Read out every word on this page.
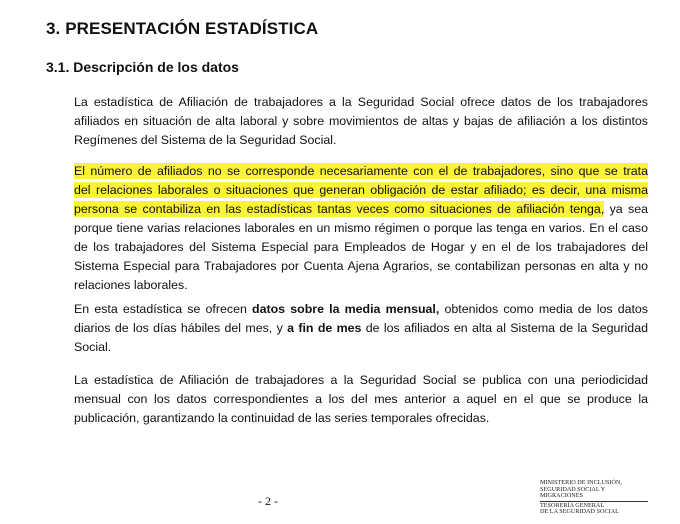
3. PRESENTACIÓN ESTADÍSTICA
3.1. Descripción de los datos
La estadística de Afiliación de trabajadores a la Seguridad Social ofrece datos de los trabajadores
afiliados en situación de alta laboral y sobre movimientos de altas y bajas de afiliación a los distintos
Regímenes del Sistema de la Seguridad Social.
El número de afiliados no se corresponde necesariamente con el de trabajadores, sino que se trata
del relaciones laborales o situaciones que generan obligación de estar afiliado; es decir, una misma
persona se contabiliza en las estadísticas tantas veces como situaciones de afiliación tenga, ya sea
porque tiene varias relaciones laborales en un mismo régimen o porque las tenga en varios. En el caso
de los trabajadores del Sistema Especial para Empleados de Hogar y en el de los trabajadores del
Sistema Especial para Trabajadores por Cuenta Ajena Agrarios, se contabilizan personas en alta y no
relaciones laborales.
En esta estadística se ofrecen datos sobre la media mensual, obtenidos como media de los datos
diarios de los días hábiles del mes, y a fin de mes de los afiliados en alta al Sistema de la Seguridad
Social.
La estadística de Afiliación de trabajadores a la Seguridad Social se publica con una periodicidad
mensual con los datos correspondientes a los del mes anterior a aquel en el que se produce la
publicación, garantizando la continuidad de las series temporales ofrecidas.
- 2 -
MINISTERIO DE INCLUSIÓN,
SEGURIDAD SOCIAL Y
MIGRACIONES
TESORERÍA GENERAL
DE LA SEGURIDAD SOCIAL
